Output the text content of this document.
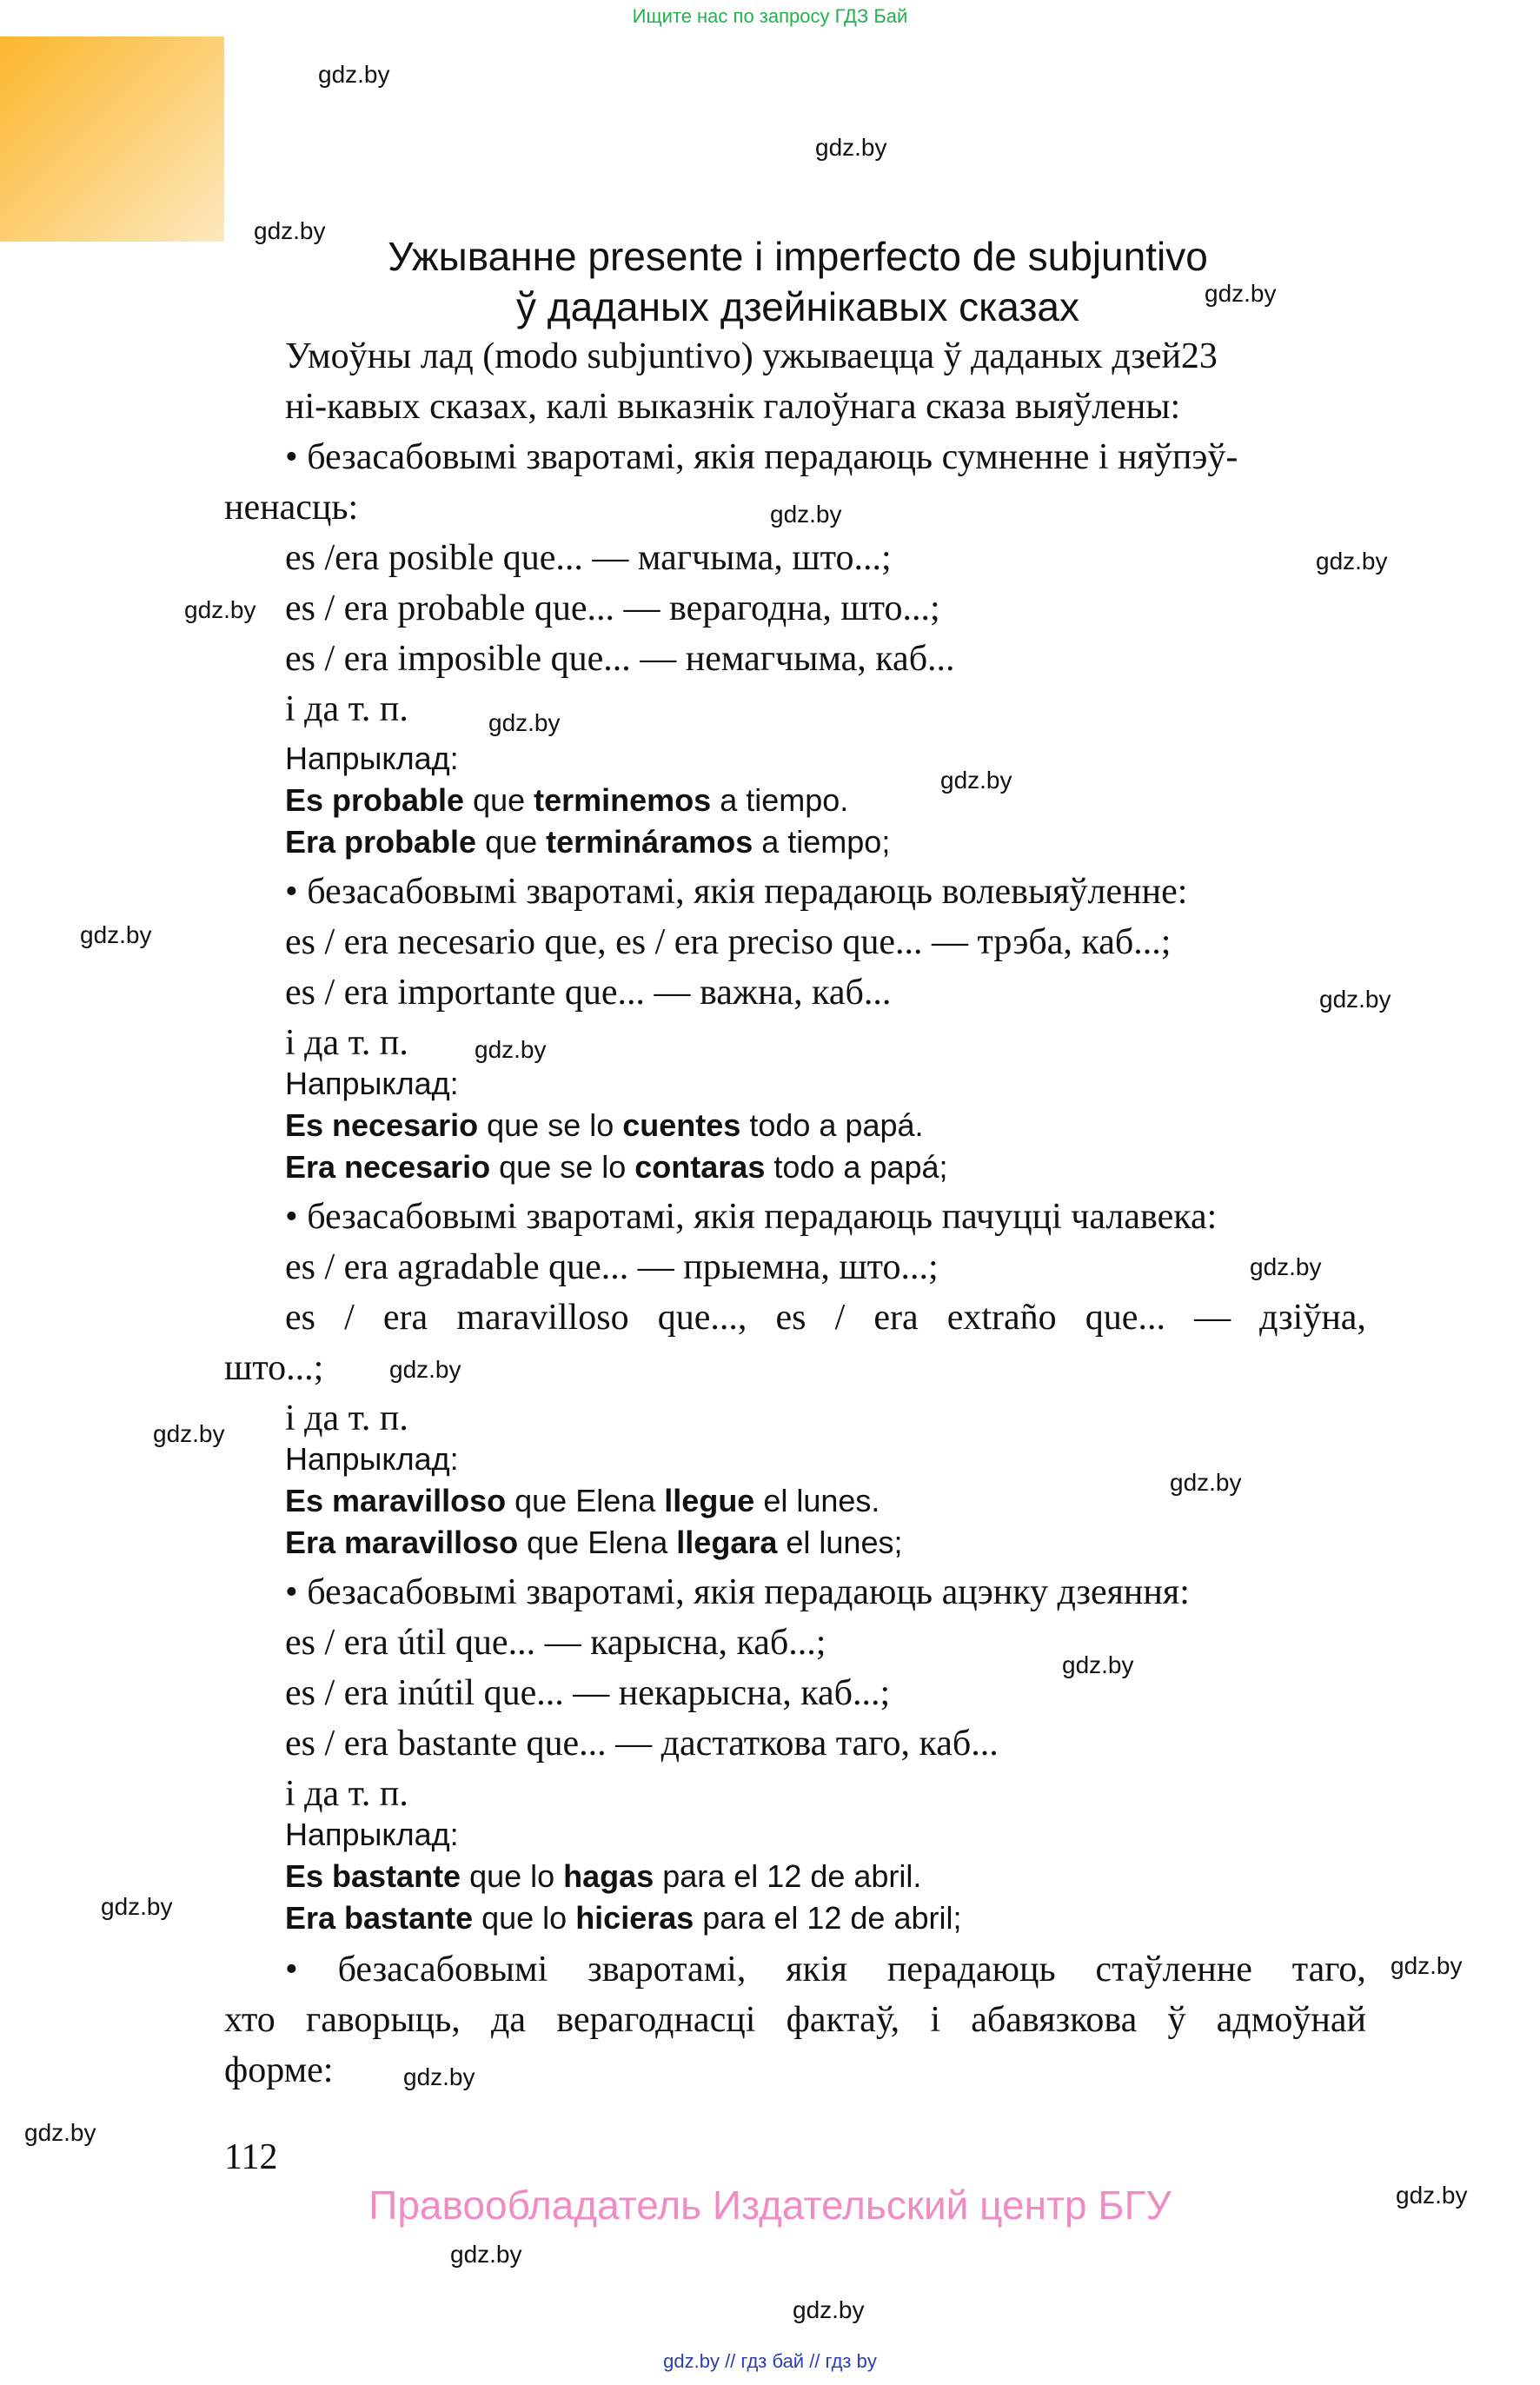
Ищите нас по запросу ГДЗ Бай
Ужыванне presente і imperfecto de subjuntivo
ў даданых дзейнікавых сказах
Умоўны лад (modo subjuntivo) ужываецца ў даданых дзей23
ні-кавых сказах, калі выказнік галоўнага сказа выяўлены:
• безасабовымі зваротамі, якія перадаюць сумненне і няўпэў-
ненасць:
es /era posible que... — магчыма, што...;
es / era probable que... — верагодна, што...;
es / era imposible que... — немагчыма, каб...
і да т. п.
Напрыклад:
Es probable que terminemos a tiempo.
Era probable que termináramos a tiempo;
• безасабовымі зваротамі, якія перадаюць волевыяўленне:
es / era necesario que, es / era preciso que... — трэба, каб...;
es / era importante que... — важна, каб...
і да т. п.
Напрыклад:
Es necesario que se lo cuentes todo a papá.
Era necesario que se lo contaras todo a papá;
• безасабовымі зваротамі, якія перадаюць пачуцці чалавека:
es / era agradable que... — прыемна, што...;
es / era maravilloso que..., es / era extraño que... — дзіўна,
што...;
і да т. п.
Напрыклад:
Es maravilloso que Elena llegue el lunes.
Era maravilloso que Elena llegara el lunes;
• безасабовымі зваротамі, якія перадаюць ацэнку дзеяння:
es / era útil que... — карысна, каб...;
es / era inútil que... — некарысна, каб...;
es / era bastante que... — дастаткова таго, каб...
і да т. п.
Напрыклад:
Es bastante que lo hagas para el 12 de abril.
Era bastante que lo hicieras para el 12 de abril;
• безасабовымі зваротамі, якія перадаюць стаўленне таго,
хто гаворыць, да верагоднасці фактаў, і абавязкова ў адмоўнай
форме:
112
Правообладатель Издательский центр БГУ
gdz.by // гдз бай // гдз by
gdz.by
gdz.by
gdz.by
gdz.by
gdz.by
gdz.by
gdz.by
gdz.by
gdz.by
gdz.by
gdz.by
gdz.by
gdz.by
gdz.by
gdz.by
gdz.by
gdz.by
gdz.by
gdz.by
gdz.by
gdz.by
gdz.by
gdz.by
gdz.by
